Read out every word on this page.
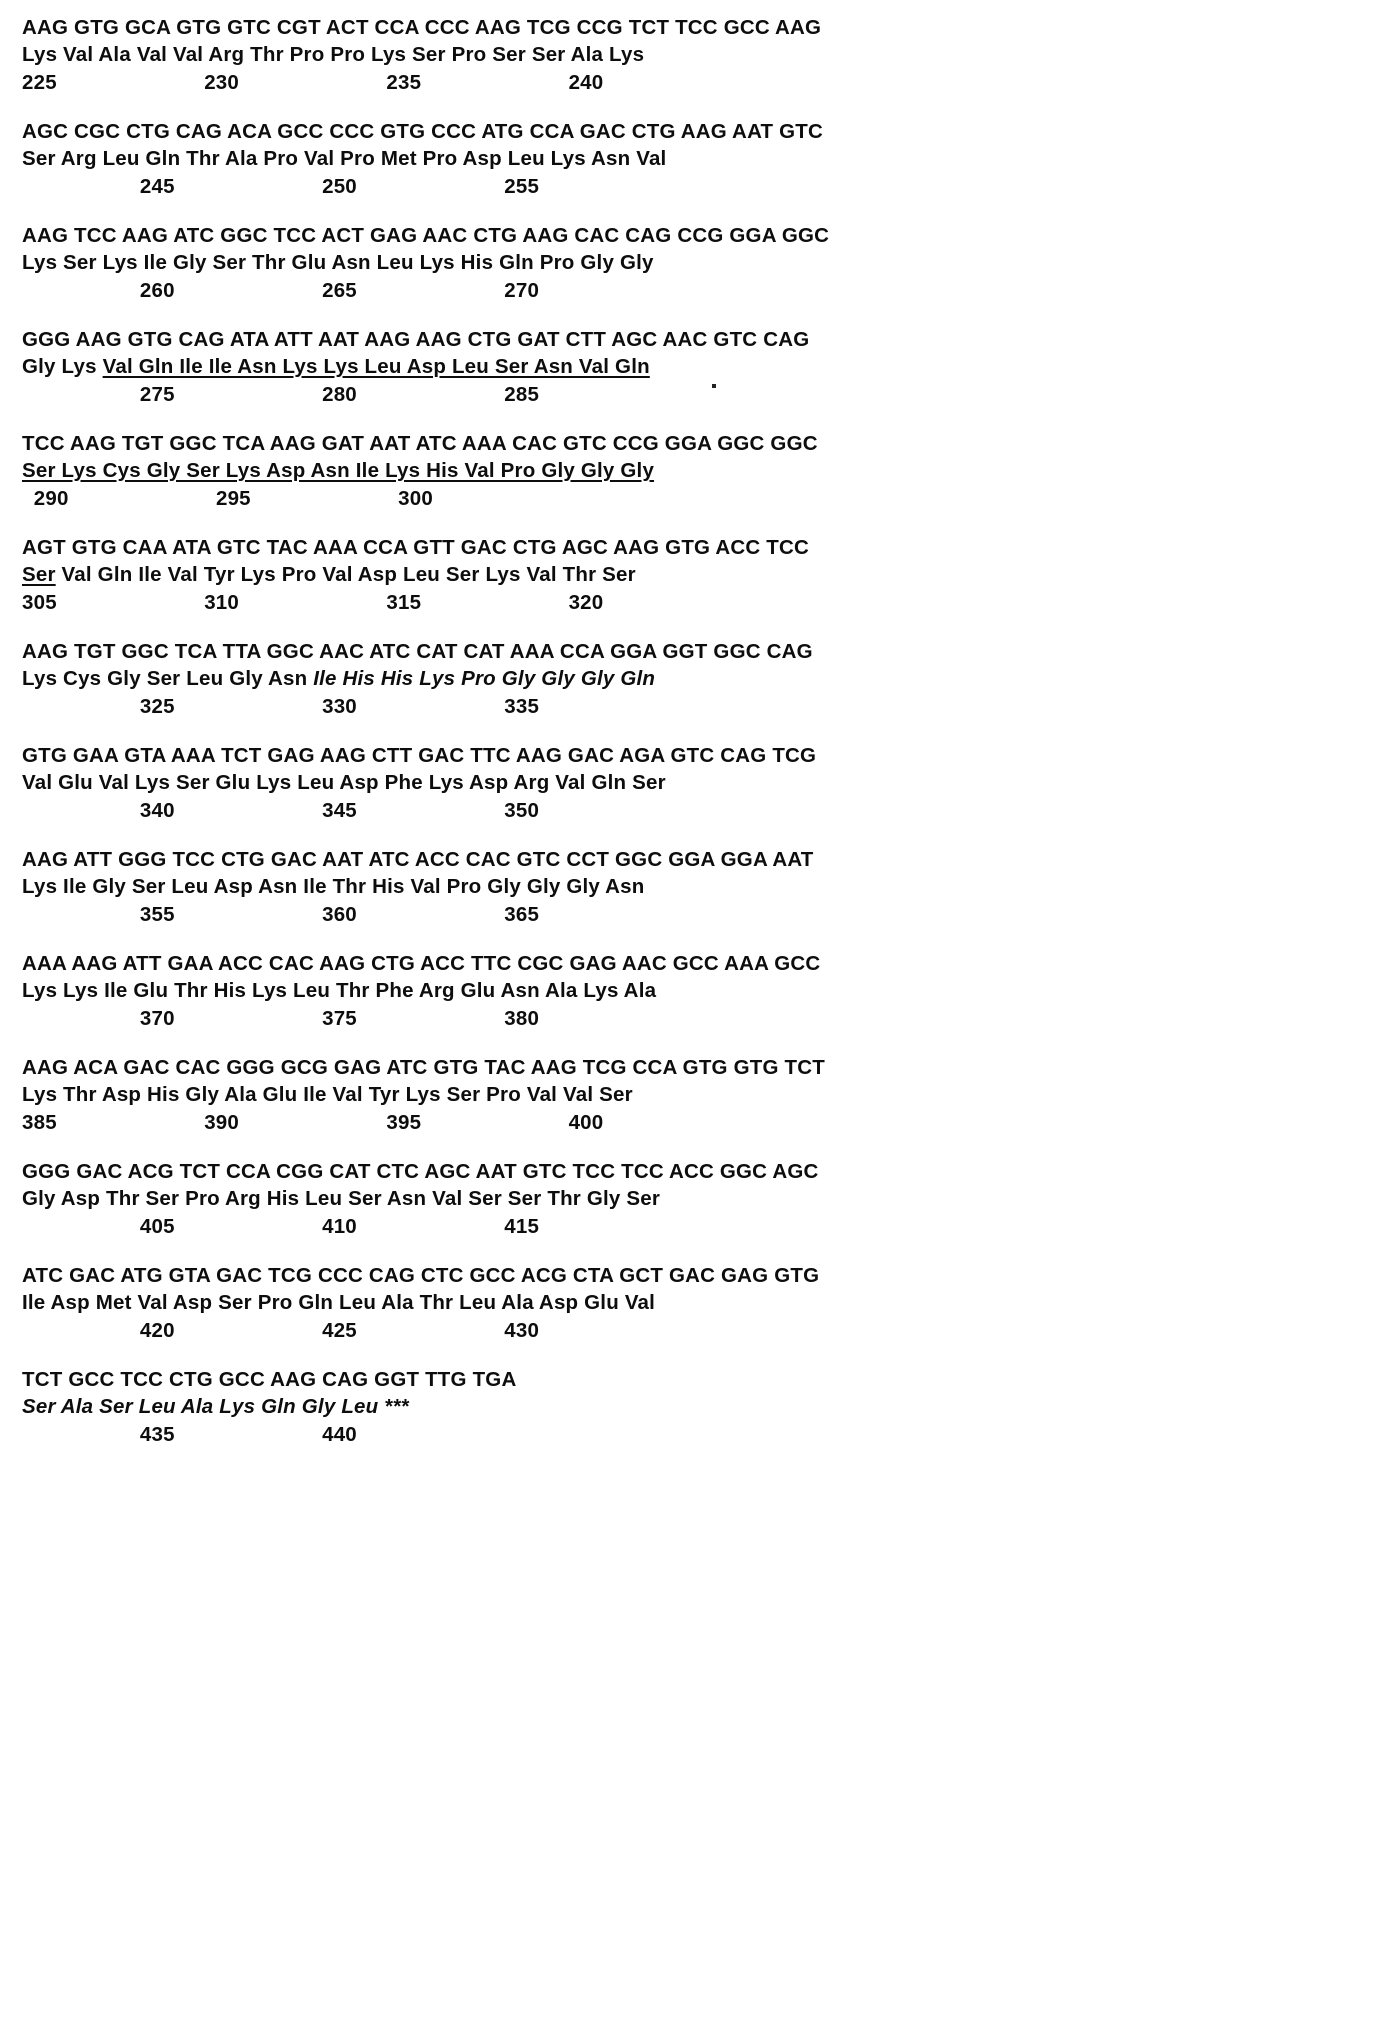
AAG GTG GCA GTG GTC CGT ACT CCA CCC AAG TCG CCG TCT TCC GCC AAG
Lys Val Ala Val Val Arg Thr Pro Pro Lys Ser Pro Ser Ser Ala Lys
225                         230                         235                         240
AGC CGC CTG CAG ACA GCC CCC GTG CCC ATG CCA GAC CTG AAG AAT GTC
Ser Arg Leu Gln Thr Ala Pro Val Pro Met Pro Asp Leu Lys Asn Val
245                         250                         255
AAG TCC AAG ATC GGC TCC ACT GAG AAC CTG AAG CAC CAG CCG GGA GGC
Lys Ser Lys Ile Gly Ser Thr Glu Asn Leu Lys His Gln Pro Gly Gly
260                         265                         270
GGG AAG GTG CAG ATA ATT AAT AAG AAG CTG GAT CTT AGC AAC GTC CAG
Gly Lys Val Gln Ile Ile Asn Lys Lys Leu Asp Leu Ser Asn Val Gln
275                         280                         285
TCC AAG TGT GGC TCA AAG GAT AAT ATC AAA CAC GTC CCG GGA GGC GGC
Ser Lys Cys Gly Ser Lys Asp Asn Ile Lys His Val Pro Gly Gly Gly
290                         295                         300
AGT GTG CAA ATA GTC TAC AAA CCA GTT GAC CTG AGC AAG GTG ACC TCC
Ser Val Gln Ile Val Tyr Lys Pro Val Asp Leu Ser Lys Val Thr Ser
305                         310                         315                         320
AAG TGT GGC TCA TTA GGC AAC ATC CAT CAT AAA CCA GGA GGT GGC CAG
Lys Cys Gly Ser Leu Gly Asn Ile His His Lys Pro Gly Gly Gly Gln
325                         330                         335
GTG GAA GTA AAA TCT GAG AAG CTT GAC TTC AAG GAC AGA GTC CAG TCG
Val Glu Val Lys Ser Glu Lys Leu Asp Phe Lys Asp Arg Val Gln Ser
340                         345                         350
AAG ATT GGG TCC CTG GAC AAT ATC ACC CAC GTC CCT GGC GGA GGA AAT
Lys Ile Gly Ser Leu Asp Asn Ile Thr His Val Pro Gly Gly Gly Asn
355                         360                         365
AAA AAG ATT GAA ACC CAC AAG CTG ACC TTC CGC GAG AAC GCC AAA GCC
Lys Lys Ile Glu Thr His Lys Leu Thr Phe Arg Glu Asn Ala Lys Ala
370                         375                         380
AAG ACA GAC CAC GGG GCG GAG ATC GTG TAC AAG TCG CCA GTG GTG TCT
Lys Thr Asp His Gly Ala Glu Ile Val Tyr Lys Ser Pro Val Val Ser
385                         390                         395                         400
GGG GAC ACG TCT CCA CGG CAT CTC AGC AAT GTC TCC TCC ACC GGC AGC
Gly Asp Thr Ser Pro Arg His Leu Ser Asn Val Ser Ser Thr Gly Ser
405                         410                         415
ATC GAC ATG GTA GAC TCG CCC CAG CTC GCC ACG CTA GCT GAC GAG GTG
Ile Asp Met Val Asp Ser Pro Gln Leu Ala Thr Leu Ala Asp Glu Val
420                         425                         430
TCT GCC TCC CTG GCC AAG CAG GGT TTG TGA
Ser Ala Ser Leu Ala Lys Gln Gly Leu ***
435                         440
